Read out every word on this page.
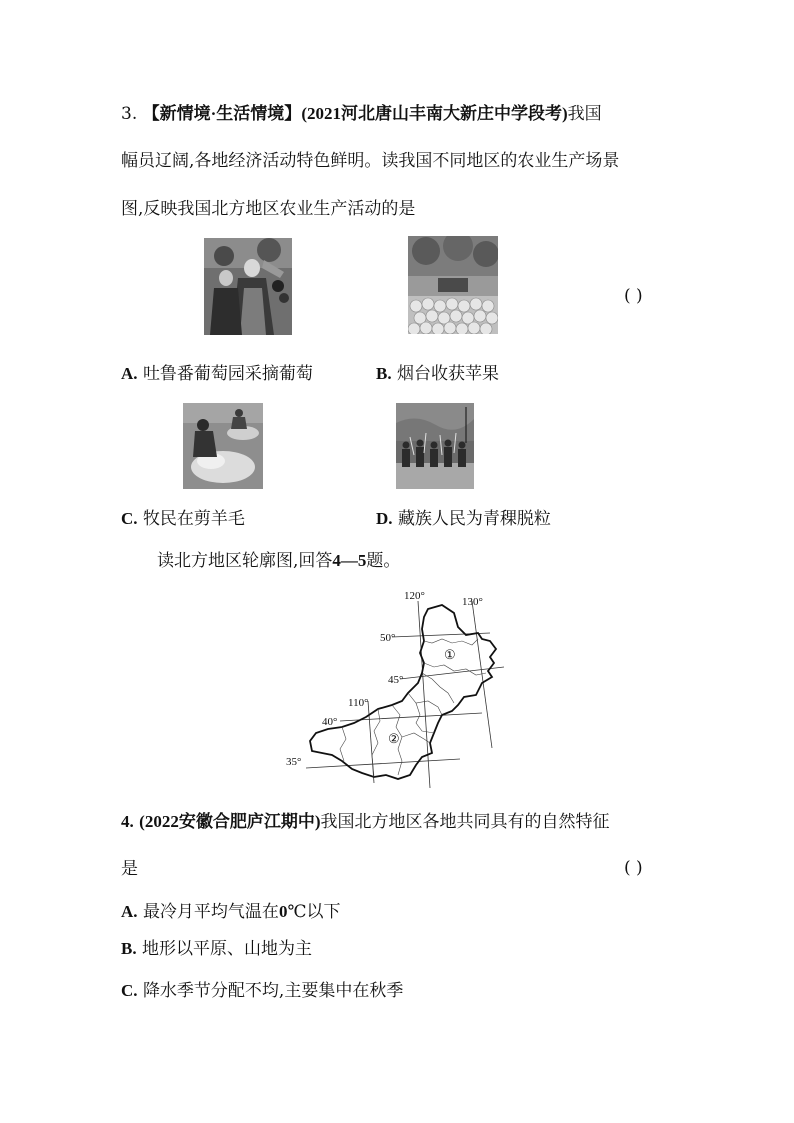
3. 【新情境·生活情境】(2021河北唐山丰南大新庄中学段考)我国
幅员辽阔,各地经济活动特色鲜明。读我国不同地区的农业生产场景
图,反映我国北方地区农业生产活动的是
( )
A. 吐鲁番葡萄园采摘葡萄	B. 烟台收获苹果
C. 牧民在剪羊毛	D. 藏族人民为青稞脱粒
读北方地区轮廓图,回答4—5题。
120°	130°
110°
50°
45°
40°
35°
①
②
4. (2022安徽合肥庐江期中)我国北方地区各地共同具有的自然特征
是	( )
A. 最冷月平均气温在0℃以下
B. 地形以平原、山地为主
C. 降水季节分配不均,主要集中在秋季
